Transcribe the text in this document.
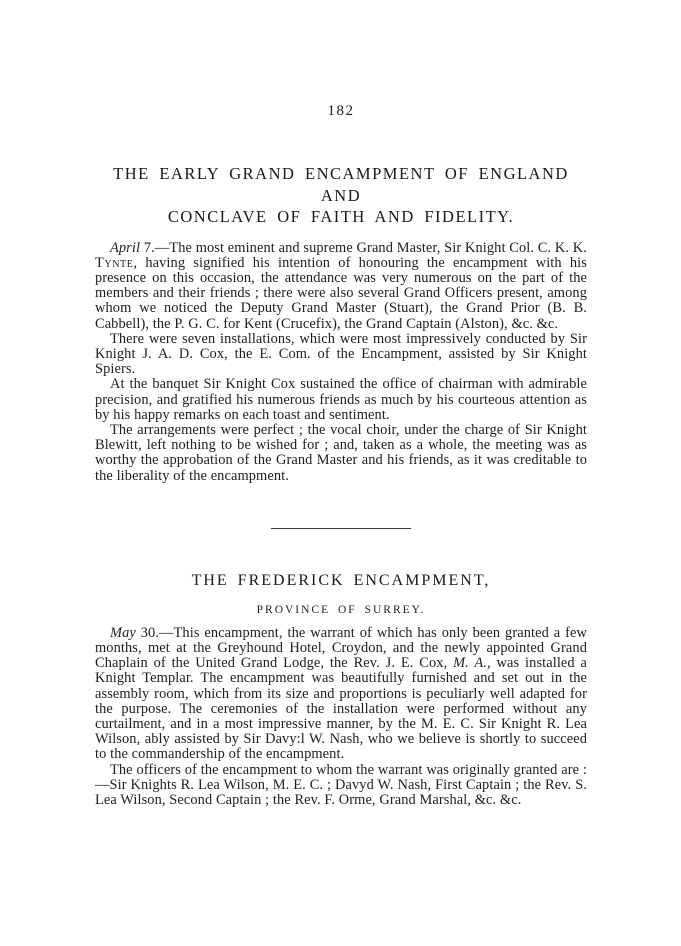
182
THE EARLY GRAND ENCAMPMENT OF ENGLAND AND
CONCLAVE OF FAITH AND FIDELITY.

April 7.—The most eminent and supreme Grand Master, Sir Knight Col. C. K. K. Tynte, having signified his intention of honouring the encampment with his presence on this occasion, the attendance was very numerous on the part of the members and their friends ; there were also several Grand Officers present, among whom we noticed the Deputy Grand Master (Stuart), the Grand Prior (B. B. Cabbell), the P. G. C. for Kent (Crucefix), the Grand Captain (Alston), &c. &c.

There were seven installations, which were most impressively conducted by Sir Knight J. A. D. Cox, the E. Com. of the Encampment, assisted by Sir Knight Spiers.

At the banquet Sir Knight Cox sustained the office of chairman with admirable precision, and gratified his numerous friends as much by his courteous attention as by his happy remarks on each toast and sentiment.

The arrangements were perfect ; the vocal choir, under the charge of Sir Knight Blewitt, left nothing to be wished for ; and, taken as a whole, the meeting was as worthy the approbation of the Grand Master and his friends, as it was creditable to the liberality of the encampment.

THE FREDERICK ENCAMPMENT,
PROVINCE OF SURREY.

May 30.—This encampment, the warrant of which has only been granted a few months, met at the Greyhound Hotel, Croydon, and the newly appointed Grand Chaplain of the United Grand Lodge, the Rev. J. E. Cox, M. A., was installed a Knight Templar. The encampment was beautifully furnished and set out in the assembly room, which from its size and proportions is peculiarly well adapted for the purpose. The ceremonies of the installation were performed without any curtailment, and in a most impressive manner, by the M. E. C. Sir Knight R. Lea Wilson, ably assisted by Sir Davy:l W. Nash, who we believe is shortly to succeed to the commandership of the encampment.

The officers of the encampment to whom the warrant was originally granted are :—Sir Knights R. Lea Wilson, M. E. C. ; Davyd W. Nash, First Captain ; the Rev. S. Lea Wilson, Second Captain ; the Rev. F. Orme, Grand Marshal, &c. &c.
